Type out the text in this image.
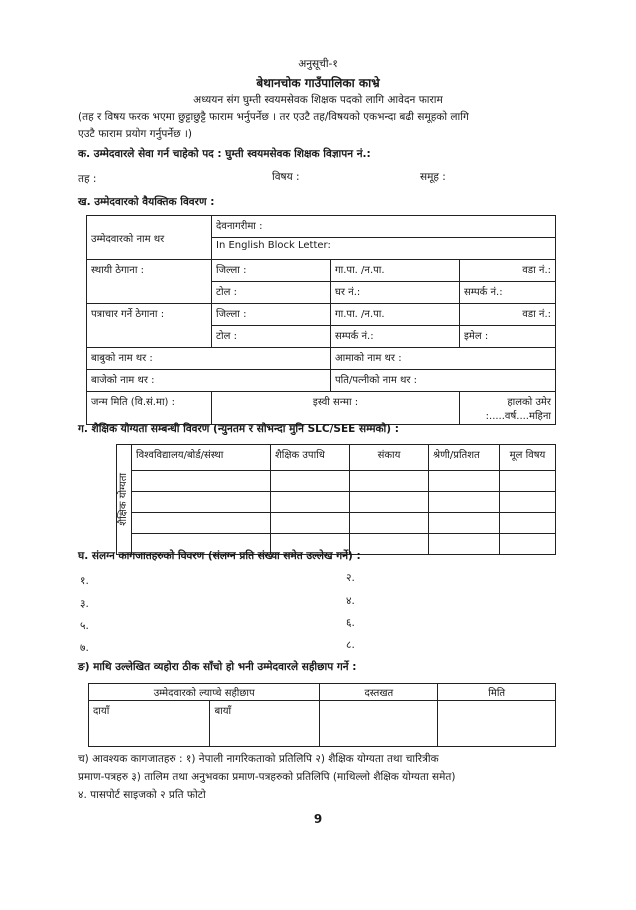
अनुसूची-१
बेथानचोक गाउँपालिका काभ्रे
अध्ययन संग घुम्ती स्वयमसेवक शिक्षक पदको लागि आवेदन फाराम
(तह र विषय फरक भएमा छुट्टाछुट्टै फाराम भर्नुपर्नेछ । तर एउटै तह/विषयको एकभन्दा बढी समूहको लागि
एउटै फाराम प्रयोग गर्नुपर्नेछ ।)
क. उम्मेदवारले सेवा गर्न चाहेको पद : घुम्ती स्वयमसेवक शिक्षक विज्ञापन नं.:
तह :	विषय :	समूह :
ख. उम्मेदवारको वैयक्तिक विवरण :
उम्मेदवारको नाम थर	देवनागरीमा :		
	In English Block Letter:		
स्थायी ठेगाना :	जिल्ला :	गा.पा. /न.पा.	वडा नं.:
	टोल :	घर नं.:	सम्पर्क नं.:
पत्राचार गर्ने ठेगाना :	जिल्ला :	गा.पा. /न.पा.	वडा नं.:
	टोल :	सम्पर्क नं.:	इमेल :
बाबुको नाम थर :		आमाको नाम थर :	
बाजेको नाम थर :		पति/पत्नीको नाम थर :	
जन्म मिति (वि.सं.मा) :	इस्वी सन्मा :		हालको उमेर :.....वर्ष....महिना
ग. शैक्षिक योग्यता सम्बन्धी विवरण (न्युनतम र सोभन्दा मुनि SLC/SEE सम्मको) :
शैक्षिक योग्यता	विश्वविद्यालय/बोर्ड/संस्था	शैक्षिक उपाधि	संकाय	श्रेणी/प्रतिशत	मूल विषय

घ. संलग्न कागजातहरुको विवरण (संलग्न प्रति संख्या समेत उल्लेख गर्ने) :
१.	२.
३.	४.
५.	६.
७.	८.
ङ) माथि उल्लेखित व्यहोरा ठीक साँचो हो भनी उम्मेदवारले सहीछाप गर्ने :
उम्मेदवारको ल्याप्चे सहीछाप		दस्तखत	मिति
दायाँ	बायाँ		
च) आवश्यक कागजातहरु : १) नेपाली नागरिकताको प्रतिलिपि २) शैक्षिक योग्यता तथा चारित्रीक
प्रमाण-पत्रहरु ३) तालिम तथा अनुभवका प्रमाण-पत्रहरुको प्रतिलिपि (माथिल्लो शैक्षिक योग्यता समेत)
४. पासपोर्ट साइजको २ प्रति फोटो
9
